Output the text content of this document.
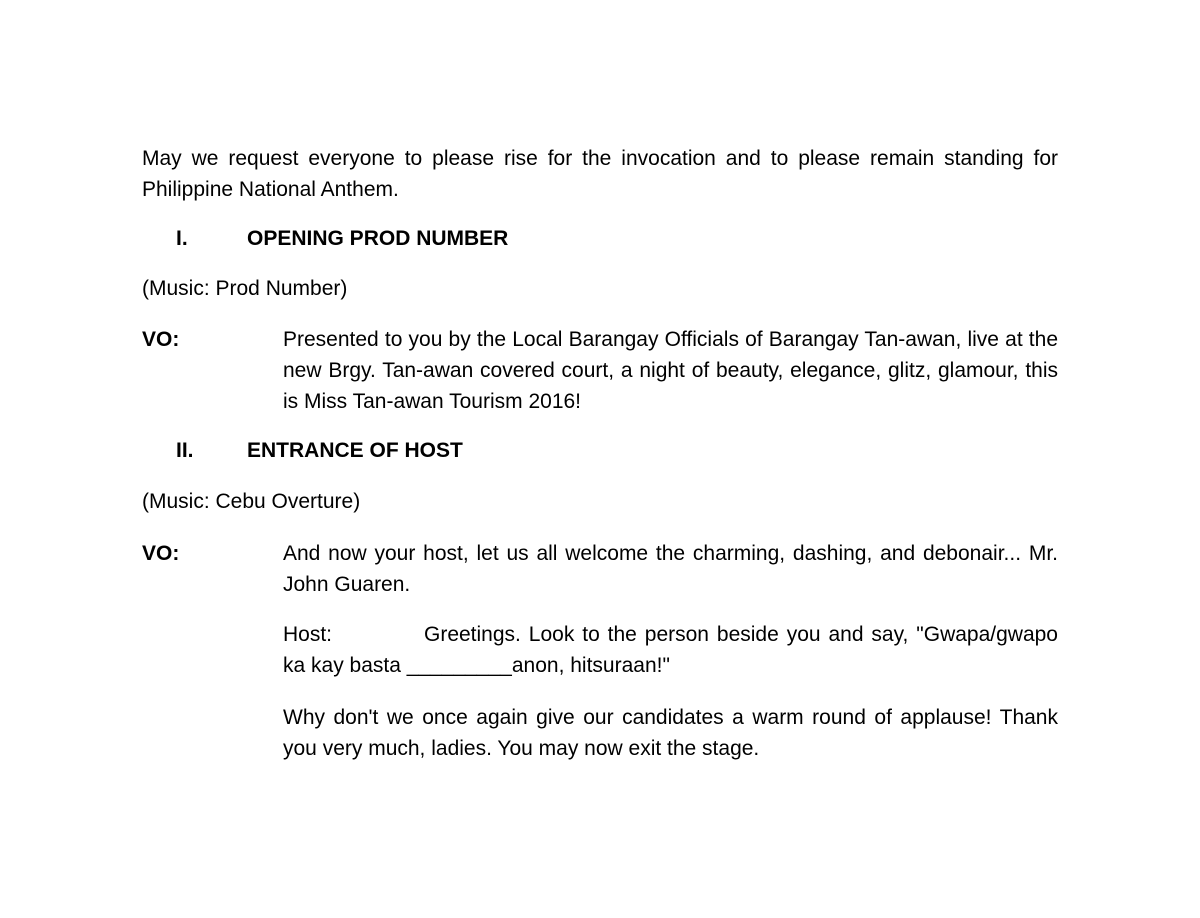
May we request everyone to please rise for the invocation and to please remain standing for Philippine National Anthem.

I.	OPENING PROD NUMBER
(Music: Prod Number)
VO:	Presented to you by the Local Barangay Officials of Barangay Tan-awan, live at the new Brgy. Tan-awan covered court, a night of beauty, elegance, glitz, glamour, this is Miss Tan-awan Tourism 2016!

II.	ENTRANCE OF HOST
(Music: Cebu Overture)
VO:	And now your host, let us all welcome the charming, dashing, and debonair... Mr. John Guaren.

Host:	Greetings. Look to the person beside you and say, "Gwapa/gwapo ka kay basta _________anon, hitsuraan!"

Why don't we once again give our candidates a warm round of applause! Thank you very much, ladies. You may now exit the stage.
